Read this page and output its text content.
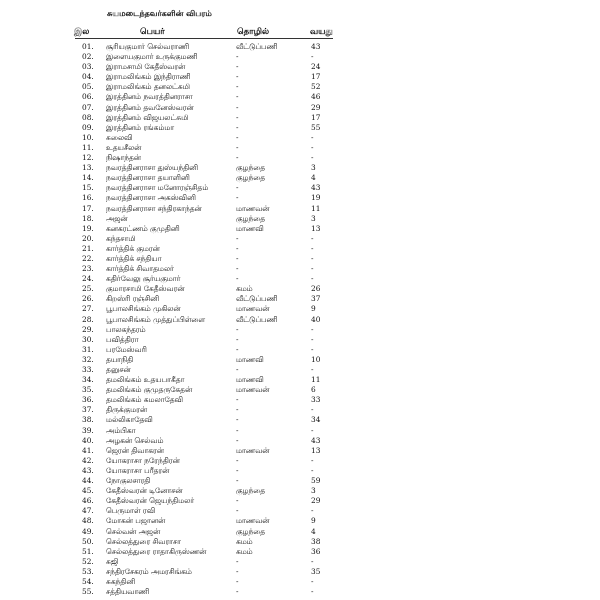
சுயமடைந்தவர்களின் விபரம்
இல	பெயர்	தொழில்	வயது
01. சூரியகுமார் செல்வராணி	வீட்டுப்பணி	43
02. இளையகுமார் உருக்குமணி	-	-
03. இராமசாமி கேதீஸ்வரன்	-	24
04. இராமலிங்கம் இந்திராணி	-	17
05. இராமலிங்கம் தனலட்சுமி	-	52
06. இரத்தினம் நவரத்தினராசா	-	46
07. இரத்தினம் தவனேஸ்வரன்	-	29
08. இரத்தினம் விஜயலட்சுமி	-	17
09. இரத்தினம் ரங்கம்மா	-	55
10. சுலைவி	-	-
11. உதயசீலன்	-	-
12. நிஷாந்தன்	-	-
13. நவரத்தினராசா துஸ்யந்தினி	குழந்தை	3
14. நவரத்தினராசா தயாளினி	குழந்தை	4
15. நவரத்தினராசா மனோரஞ்சிதம்	-	43
16. நவரத்தினராசா அகஸ்வினி	-	19
17. நவரத்தினராசா சந்திரகாந்தன்	மாணவன்	11
18. அஜன்	குழந்தை	3
19. கனகரட்ணம் குமுதினி	மாணவி	13
20. கந்தசாமி	-	-
21. கார்த்திக் குமரன்	-	-
22. கார்த்திக் சந்தியா	-	-
23. கார்த்திக் சிவாதமலர்	-	-
24. கதிர்வேலு சூர்யகுமார்	-	-
25. குமாரசாமி கேதீஸ்வரன்	கமம்	26
26. கிறஸ்ரி ரஞ்சினி	வீட்டுப்பணி	37
27. பூபாலசிங்கம் முகிலன்	மாணவன்	9
28. பூபாலசிங்கம் முத்துப்பிள்ளை	வீட்டுப்பணி	40
29. பாலகந்தரம்	-	-
30. பவித்திரா	-	-
31. பரமேஸ்வரி	-	-
32. தயாநிதி	மாணவி	10
33. தனுசன்	-	-
34. தமலிங்கம் உதயபாகீதா	மாணவி	11
35. தமலிங்கம் குமுதருகேதன்	மாணவன்	6
36. தமலிங்கம் கமலாதேவி	-	33
37. திருக்குமரன்	-	-
38. மல்லிகாதேவி	-	34
39. அம்பிகா	-	-
40. அழகன் செல்வம்	-	43
41. ஜெரன் திவாகரன்	மாணவன்	13
42. யோகராசா நரேந்திரன்	-	-
43. யோகராசா பரீதரன்	-	-
44. நோகுலசாரதி	-	59
45. கேதீஸ்வரன் டினோசன்	குழந்தை	3
46. கேதீஸ்வரன் ஜெயந்திமலர்	-	29
47. பெருமாள் ரவி	-	-
48. மோகன் பஜானன்	மாணவன்	9
49. செல்வன் அஜன்	குழந்தை	4
50. செல்லத்துரை சிவராசா	கமம்	38
51. செல்லத்துரை ராதாகிருஸ்ணன்	கமம்	36
52. சுஜி	-	-
53. சந்திரசேகரம் அமரசிங்கம்	-	35
54. சுகந்தினி	-	-
55. சத்தியவாணி	-	-
